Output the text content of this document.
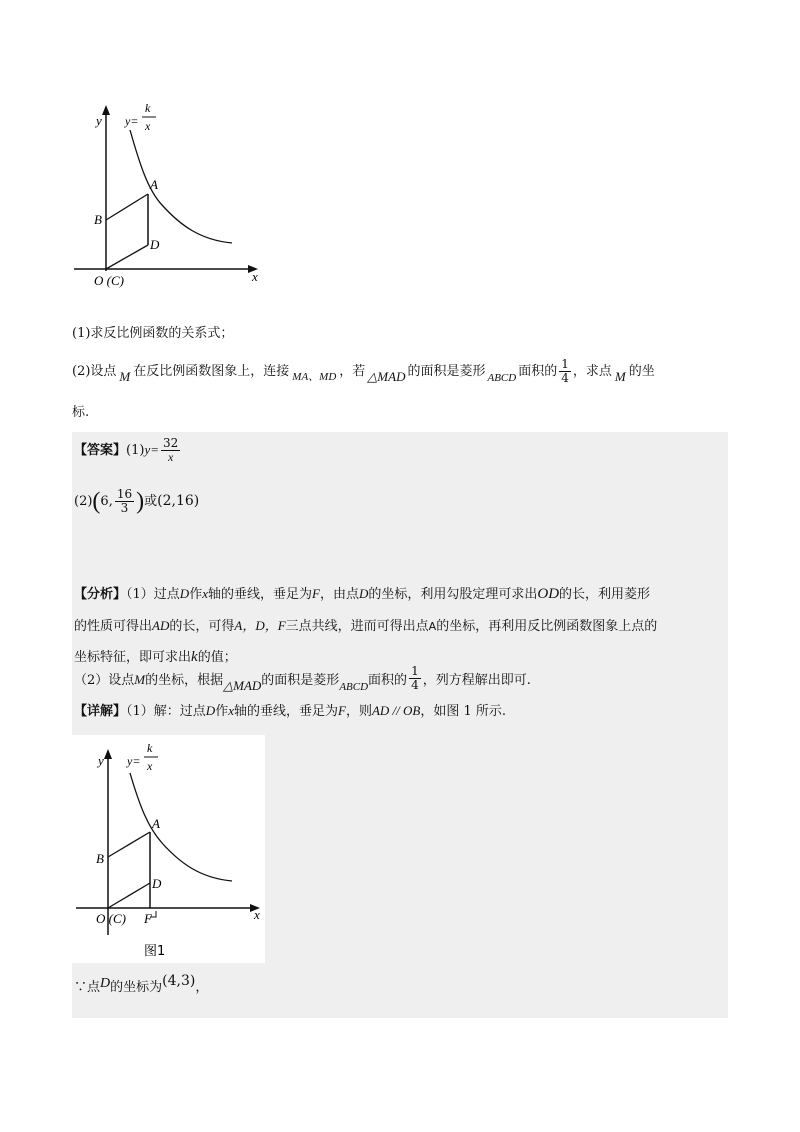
y y=
k
x
A
B
D
O (C)	x
(1)求反比例函数的关系式；
(2)设点 M 在反比例函数图象上，连接 $_{MA、MD}$ ，若 △MAD 的面积是菱形 $_{ABCD}$ 面积的 $\frac{1}{4}$ ，求点 M 的坐
标.
【答案】$(1)y= \frac{32}{x}$
(2)(6, $\frac{16}{3}$ )或(2,16)
【分析】（1）过点D作x轴的垂线，垂足为F，由点D的坐标，利用勾股定理可求出OD的长，利用菱形
的性质可得出AD的长，可得A，D，F三点共线，进而可得出点A的坐标，再利用反比例函数图象上点的
坐标特征，即可求出k的值；
（2）设点M的坐标，根据△MAD的面积是菱形$_{ABCD}$面积的 $\frac{1}{4}$ ，列方程解出即可.
【详解】（1）解：过点D作x轴的垂线，垂足为F，则AD // OB，如图 1 所示.
y y=
k
x
A
B
D
O (C) F	x
图1
∵点D的坐标为(4,3)，
